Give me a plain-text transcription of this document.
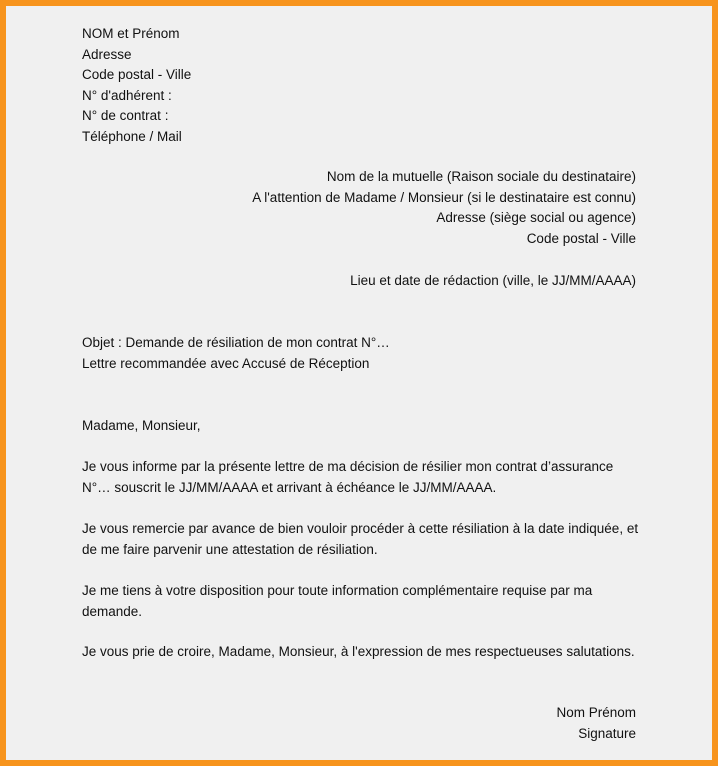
NOM et Prénom
Adresse
Code postal - Ville
N° d'adhérent :
N° de contrat :
Téléphone / Mail
Nom de la mutuelle (Raison sociale du destinataire)
A l'attention de Madame / Monsieur (si le destinataire est connu)
Adresse (siège social ou agence)
Code postal - Ville
Lieu et date de rédaction (ville, le JJ/MM/AAAA)
Objet : Demande de résiliation de mon contrat N°…
Lettre recommandée avec Accusé de Réception
Madame, Monsieur,
Je vous informe par la présente lettre de ma décision de résilier mon contrat d’assurance
N°… souscrit le JJ/MM/AAAA et arrivant à échéance le JJ/MM/AAAA.
Je vous remercie par avance de bien vouloir procéder à cette résiliation à la date indiquée, et
de me faire parvenir une attestation de résiliation.
Je me tiens à votre disposition pour toute information complémentaire requise par ma
demande.
Je vous prie de croire, Madame, Monsieur, à l'expression de mes respectueuses salutations.
Nom Prénom
Signature
